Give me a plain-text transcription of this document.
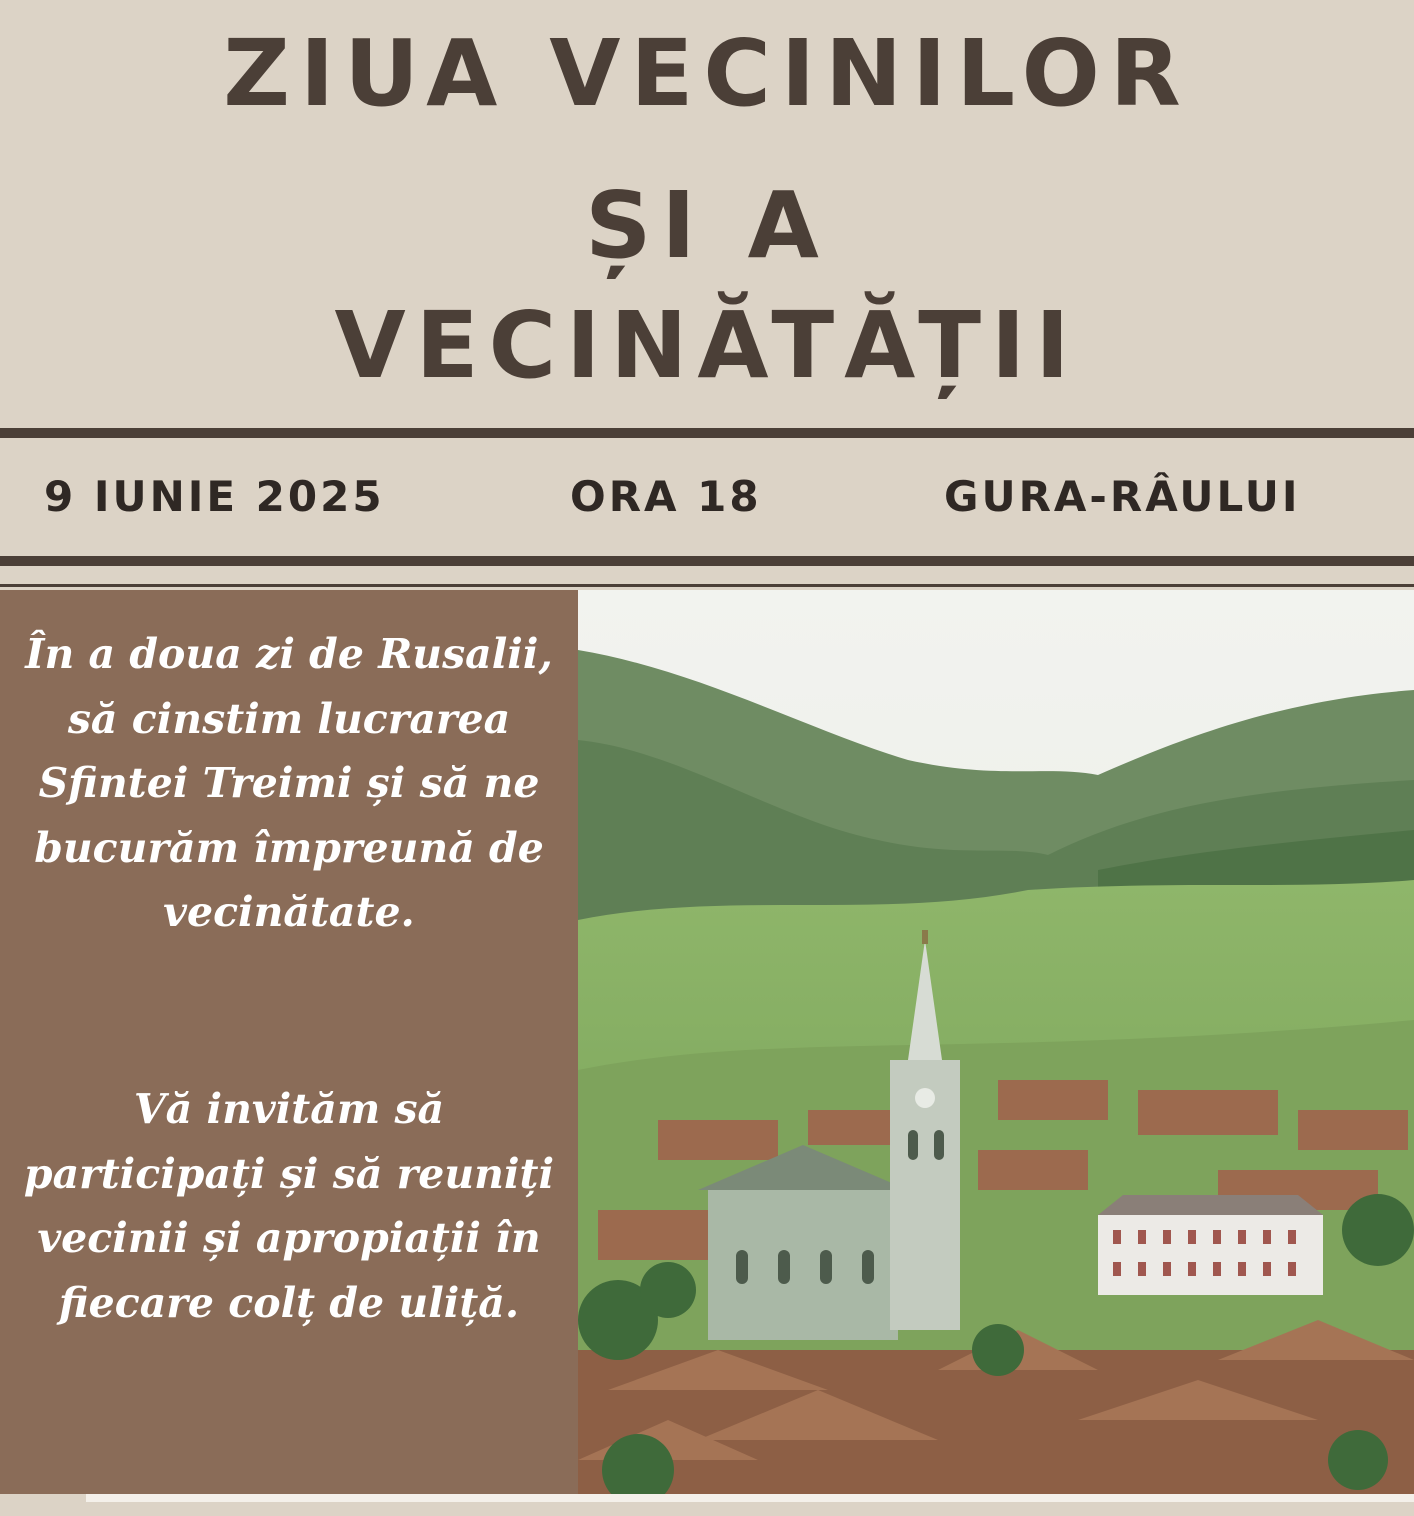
ZIUA VECINILOR
ȘI A
VECINĂTĂȚII
9 IUNIE 2025	ORA 18	GURA-RÂULUI
În a doua zi de Rusalii, să cinstim lucrarea Sfintei Treimi și să ne bucurăm împreună de vecinătate.
Vă invităm să participați și să reuniți vecinii și apropiații în fiecare colț de uliță.
